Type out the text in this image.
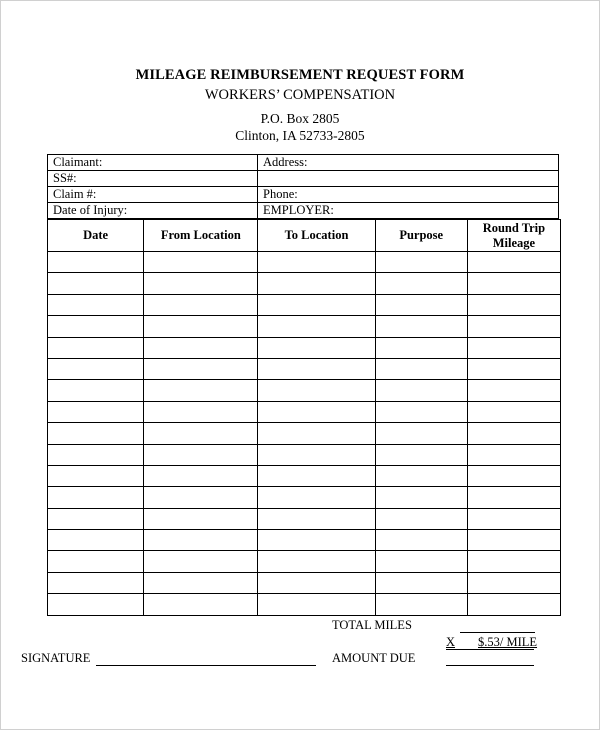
MILEAGE REIMBURSEMENT REQUEST FORM
WORKERS’ COMPENSATION
P.O. Box 2805
Clinton, IA 52733-2805
Claimant:	Address:
SS#:	
Claim #:	Phone:
Date of Injury:	EMPLOYER:
Date	From Location	To Location	Purpose	Round Trip Mileage

TOTAL MILES
X $.53/ MILE
SIGNATURE	AMOUNT DUE
